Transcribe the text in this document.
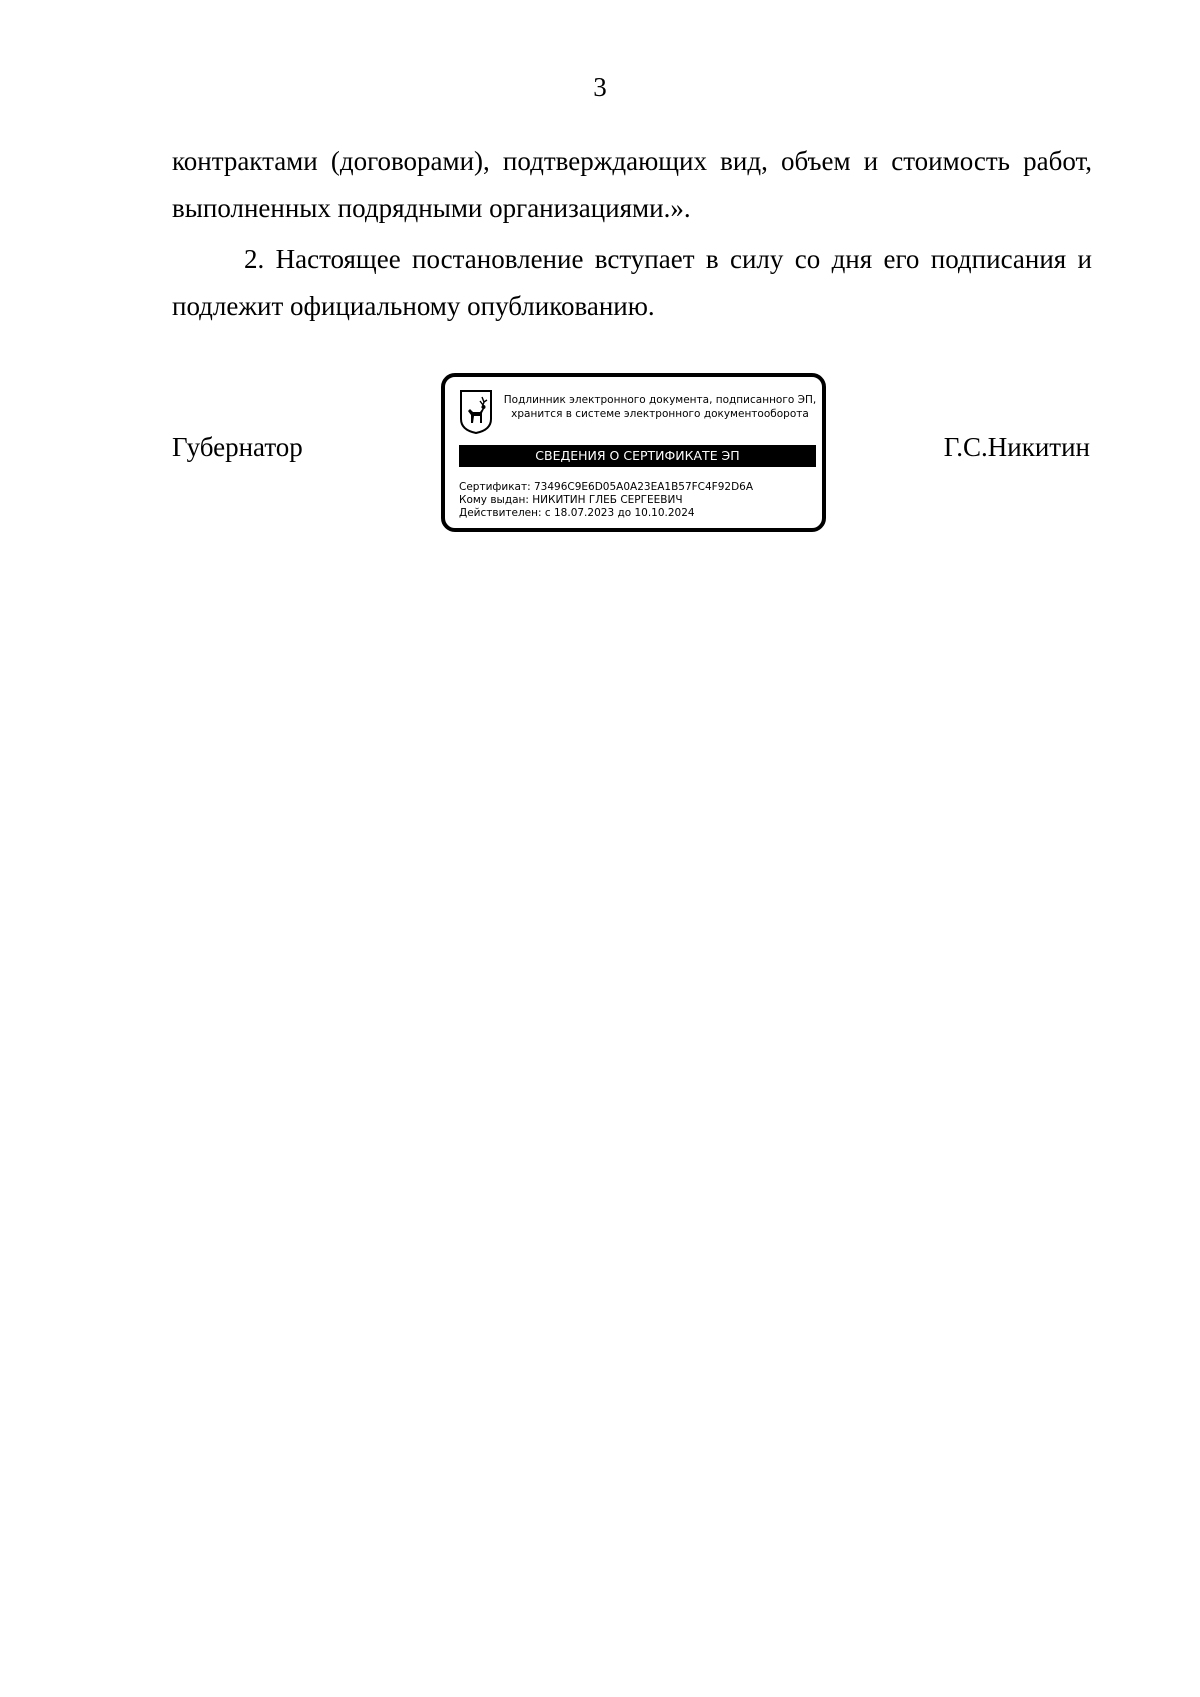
3
контрактами (договорами), подтверждающих вид, объем и стоимость работ, выполненных подрядными организациями.».
2. Настоящее постановление вступает в силу со дня его подписания и подлежит официальному опубликованию.
Губернатор
Подлинник электронного документа, подписанного ЭП,
хранится в системе электронного документооборота
СВЕДЕНИЯ О СЕРТИФИКАТЕ ЭП
Сертификат: 73496C9E6D05A0A23EA1B57FC4F92D6A
Кому выдан: НИКИТИН ГЛЕБ СЕРГЕЕВИЧ
Действителен: с 18.07.2023 до 10.10.2024
Г.С.Никитин
